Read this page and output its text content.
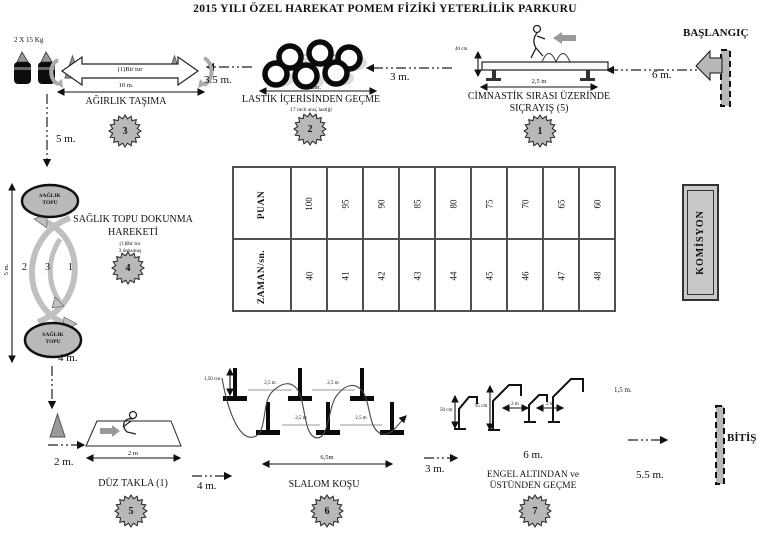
2015 YILI ÖZEL HAREKAT POMEM FİZİKİ YETERLİLİK PARKURU
BAŞLANGIÇ
BİTİŞ
6 m.
3 m.
3.5 m.
5 m.
4 m.
2 m.
4 m.
3 m.	5.5 m.
40 cm
2,5 m
CİMNASTİK SIRASI ÜZERİNDE
SIÇRAYIŞ (5)
2m.
LASTİK İÇERİSİNDEN GEÇME
17 inch araç lastiği
2 X 15 Kg
(1)Bir tur
10 m.
AĞIRLIK TAŞIMA
5 m.
SAĞLIK
TOPU
SAĞLIK
TOPU
2 3 1
SAĞLIK TOPU DOKUNMA
HAREKETİ
(1)Bir tur
3 dokunuş
2 m
DÜZ TAKLA (1)
1,50 cm
2,5 m	2,5 m
2,5 m	2,5 m
6,5m
SLALOM KOŞU
50 cm
95 cm	2 m	2 m
1,5 m.
6 m.
ENGEL ALTINDAN ve
ÜSTÜNDEN GEÇME
1
2
3
4
5	6	7
PUAN	100	95	90	85	80	75	70	65	60
ZAMAN/sn.	40	41	42	43	44	45	46	47	48
KOMİSYON
